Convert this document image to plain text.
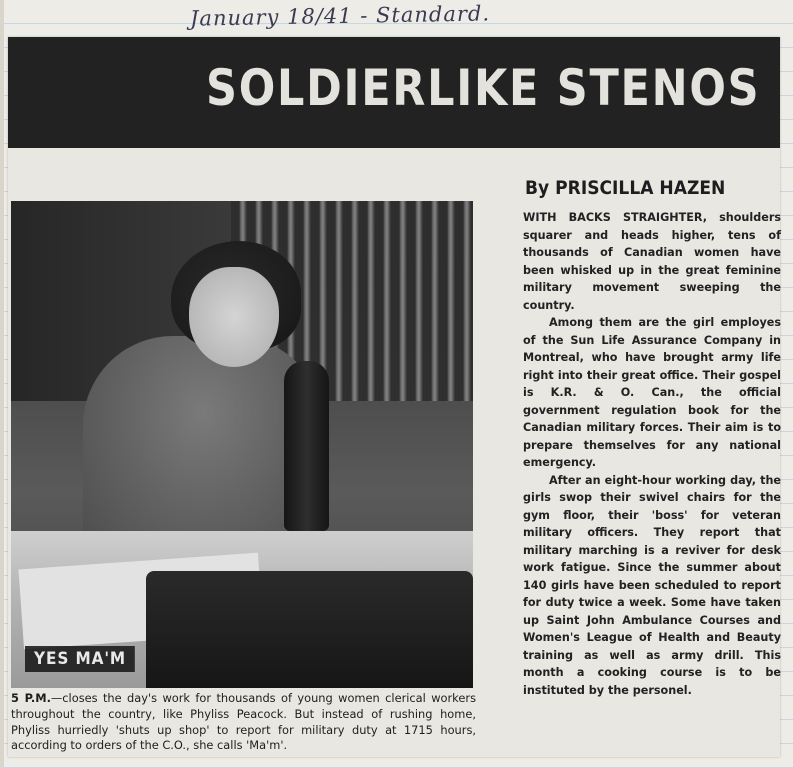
January 18/41 - Standard.
SOLDIERLIKE STENOS
YES MA'M
5 P.M.—closes the day's work for thousands of young women clerical workers throughout the country, like Phyliss Peacock. But instead of rushing home, Phyliss hurriedly 'shuts up shop' to report for military duty at 1715 hours, according to orders of the C.O., she calls 'Ma'm'.
By PRISCILLA HAZEN

WITH BACKS STRAIGHTER, shoulders squarer and heads higher, tens of thousands of Canadian women have been whisked up in the great feminine military movement sweeping the country.

Among them are the girl employes of the Sun Life Assurance Company in Montreal, who have brought army life right into their great office. Their gospel is K.R. & O. Can., the official government regulation book for the Canadian military forces. Their aim is to prepare themselves for any national emergency.

After an eight-hour working day, the girls swop their swivel chairs for the gym floor, their 'boss' for veteran military officers. They report that military marching is a reviver for desk work fatigue. Since the summer about 140 girls have been scheduled to report for duty twice a week. Some have taken up Saint John Ambulance Courses and Women's League of Health and Beauty training as well as army drill. This month a cooking course is to be instituted by the personel.
